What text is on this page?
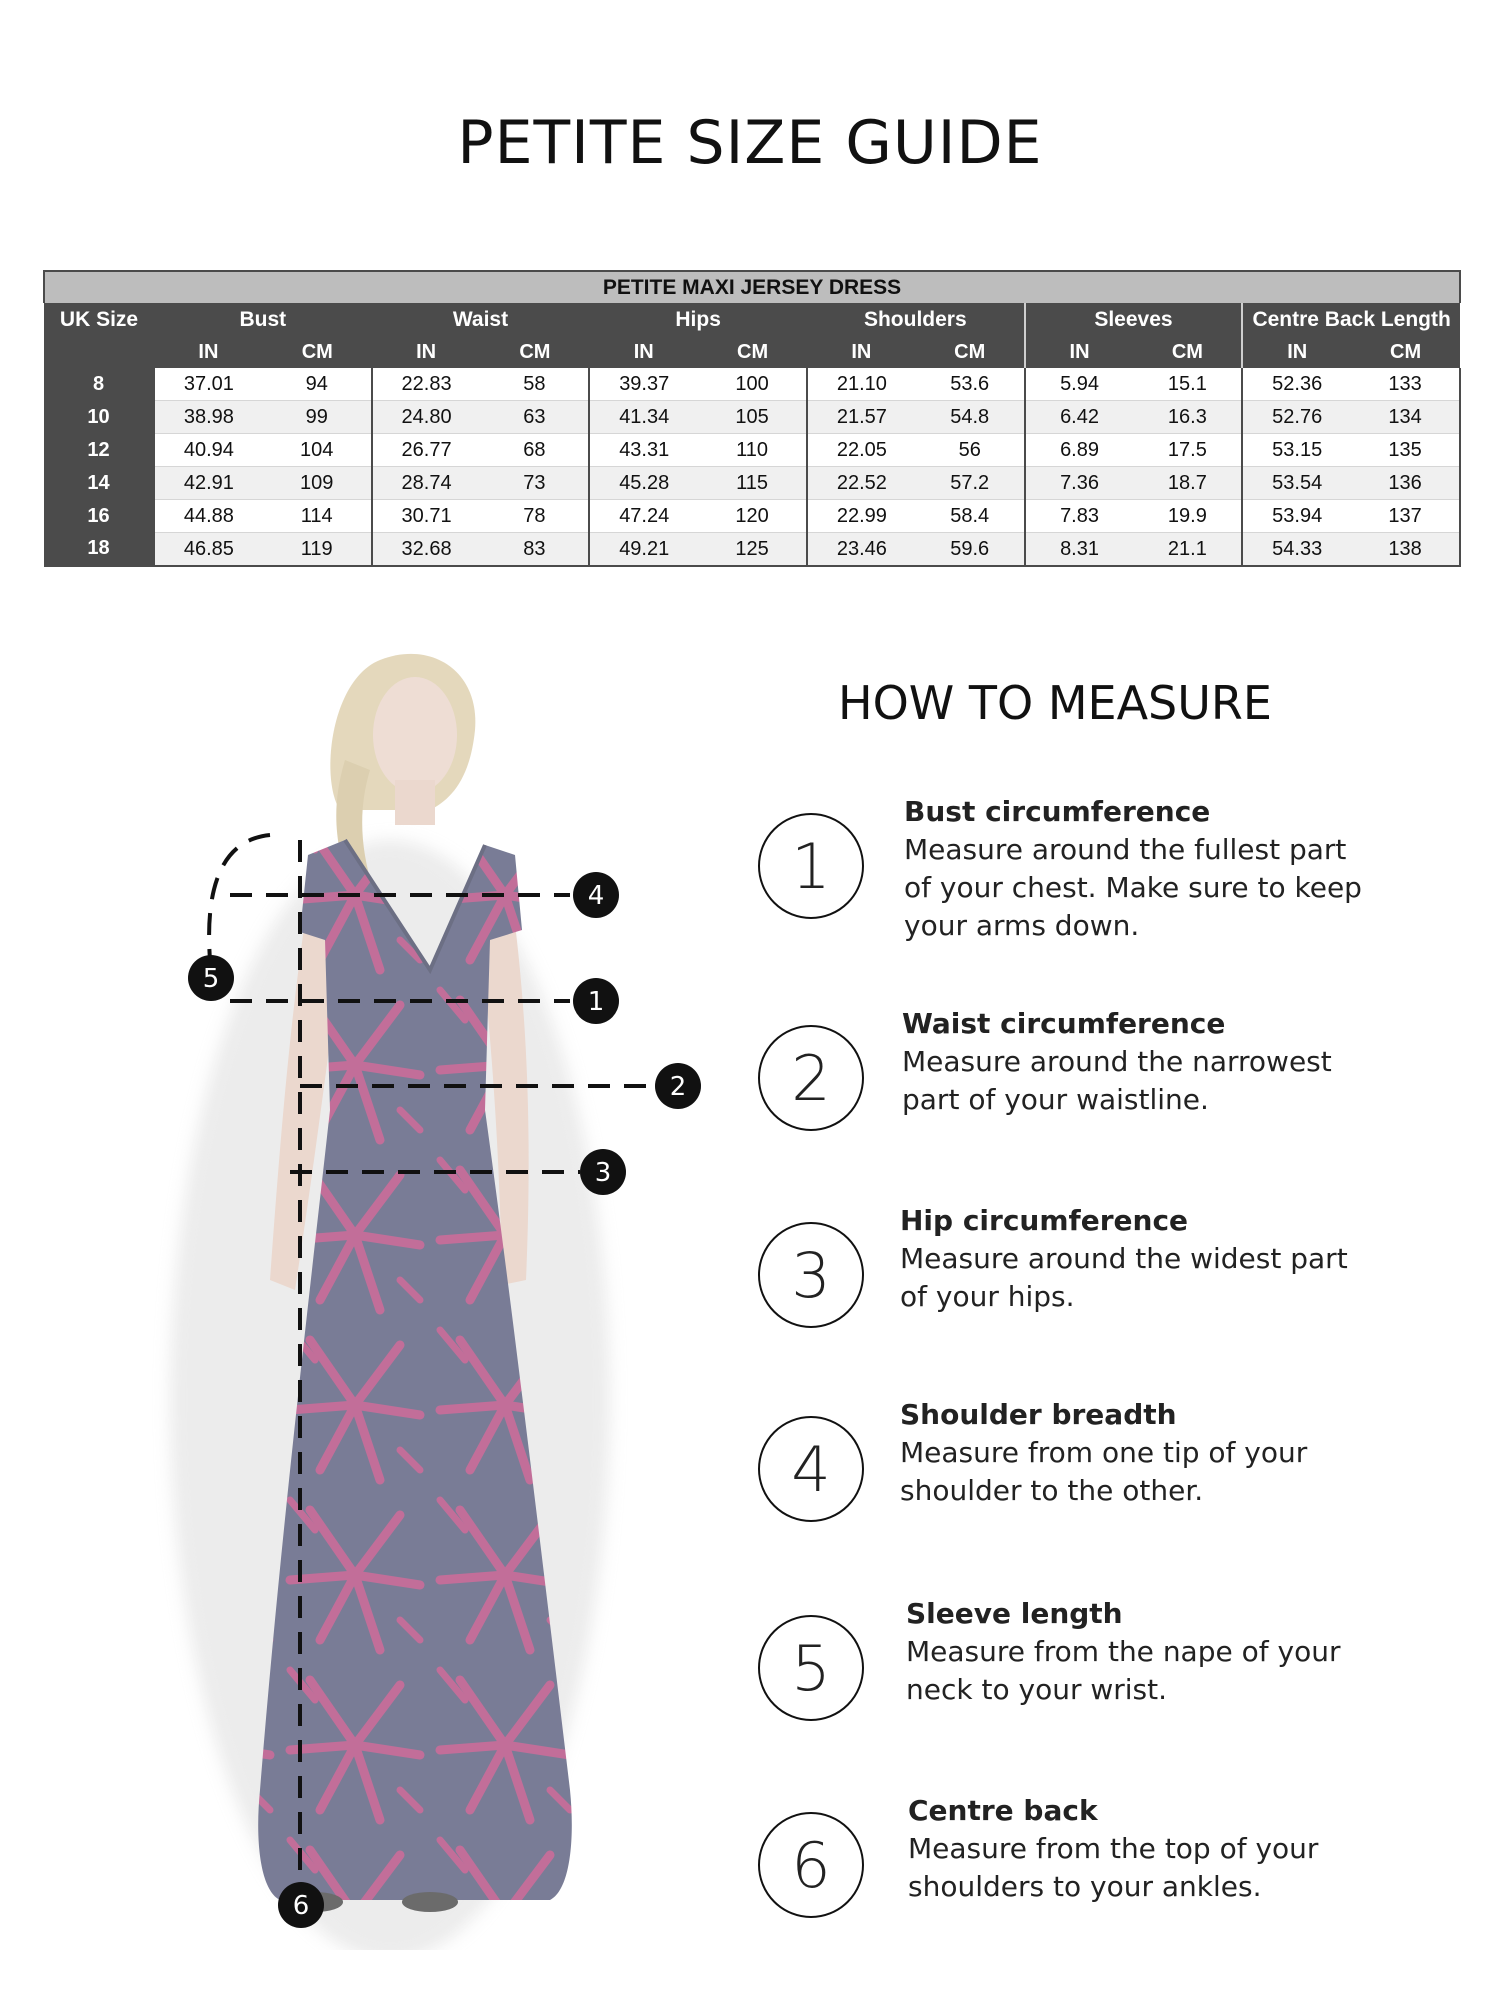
PETITE SIZE GUIDE
PETITE MAXI JERSEY DRESS												
UK Size	Bust		Waist		Hips		Shoulders		Sleeves		Centre Back Length	
	IN	CM	IN	CM	IN	CM	IN	CM	IN	CM	IN	CM
8	37.01	94	22.83	58	39.37	100	21.10	53.6	5.94	15.1	52.36	133
10	38.98	99	24.80	63	41.34	105	21.57	54.8	6.42	16.3	52.76	134
12	40.94	104	26.77	68	43.31	110	22.05	56	6.89	17.5	53.15	135
14	42.91	109	28.74	73	45.28	115	22.52	57.2	7.36	18.7	53.54	136
16	44.88	114	30.71	78	47.24	120	22.99	58.4	7.83	19.9	53.94	137
18	46.85	119	32.68	83	49.21	125	23.46	59.6	8.31	21.1	54.33	138
4
5
1
2
3
6
HOW TO MEASURE
1
Bust circumference
Measure around the fullest part
of your chest. Make sure to keep
your arms down.
2
Waist circumference
Measure around the narrowest
part of your waistline.
3
Hip circumference
Measure around the widest part
of your hips.
4
Shoulder breadth
Measure from one tip of your
shoulder to the other.
5
Sleeve length
Measure from the nape of your
neck to your wrist.
6
Centre back
Measure from the top of your
shoulders to your ankles.
